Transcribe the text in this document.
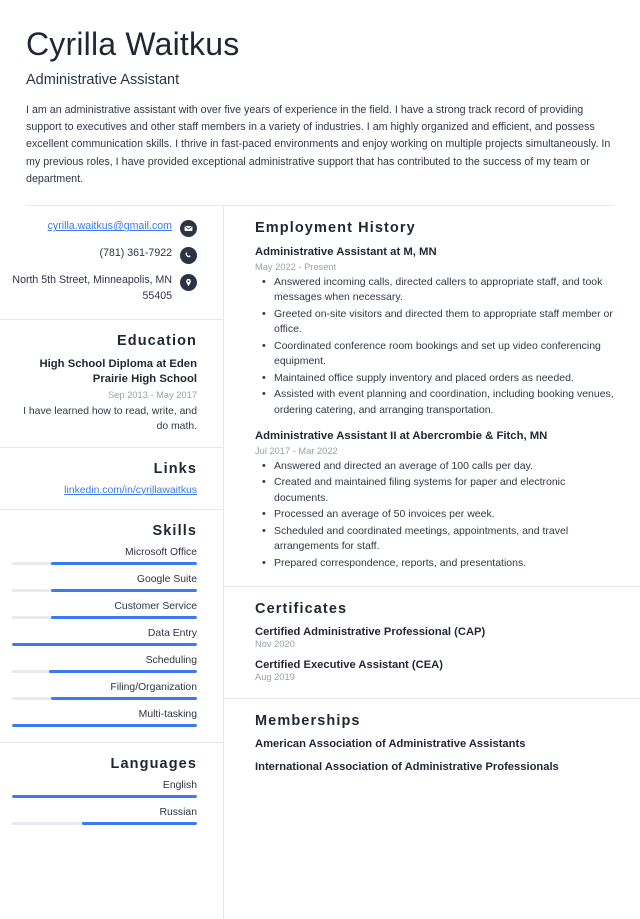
Cyrilla Waitkus
Administrative Assistant
I am an administrative assistant with over five years of experience in the field. I have a strong track record of providing support to executives and other staff members in a variety of industries. I am highly organized and efficient, and possess excellent communication skills. I thrive in fast-paced environments and enjoy working on multiple projects simultaneously. In my previous roles, I have provided exceptional administrative support that has contributed to the success of my team or department.
cyrilla.waitkus@gmail.com
(781) 361-7922
North 5th Street, Minneapolis, MN 55405
Education
High School Diploma at Eden Prairie High School
Sep 2013 - May 2017
I have learned how to read, write, and do math.
Links
linkedin.com/in/cyrillawaitkus
Skills
Microsoft Office
Google Suite
Customer Service
Data Entry
Scheduling
Filing/Organization
Multi-tasking
Languages
English
Russian
Employment History
Administrative Assistant at M, MN
May 2022 - Present
• Answered incoming calls, directed callers to appropriate staff, and took messages when necessary.
• Greeted on-site visitors and directed them to appropriate staff member or office.
• Coordinated conference room bookings and set up video conferencing equipment.
• Maintained office supply inventory and placed orders as needed.
• Assisted with event planning and coordination, including booking venues, ordering catering, and arranging transportation.
Administrative Assistant II at Abercrombie & Fitch, MN
Jul 2017 - Mar 2022
• Answered and directed an average of 100 calls per day.
• Created and maintained filing systems for paper and electronic documents.
• Processed an average of 50 invoices per week.
• Scheduled and coordinated meetings, appointments, and travel arrangements for staff.
• Prepared correspondence, reports, and presentations.
Certificates
Certified Administrative Professional (CAP)
Nov 2020
Certified Executive Assistant (CEA)
Aug 2019
Memberships
American Association of Administrative Assistants
International Association of Administrative Professionals
